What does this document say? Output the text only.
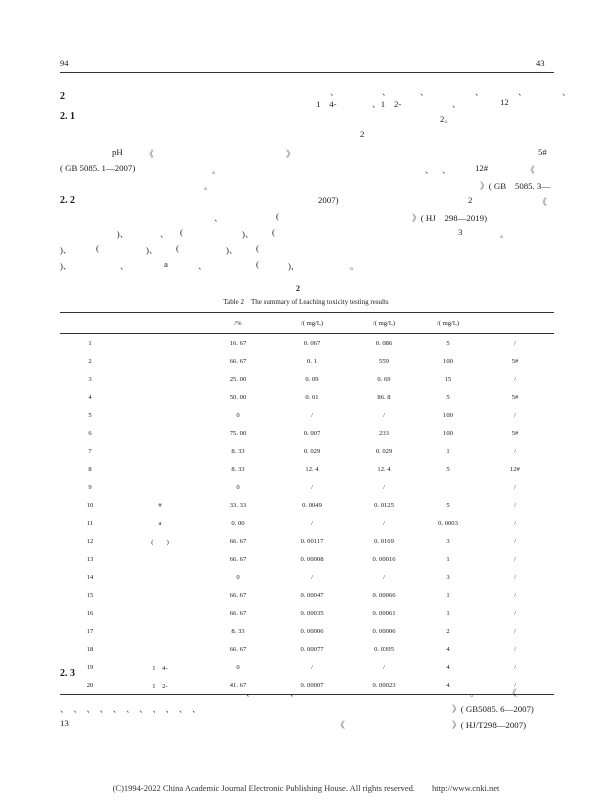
94	43
、	、	、	、	、	、
2
1　4-	、1　2-	、	12
2. 1	2。
2
pH	《	》	5#
( GB 5085. 1—2007)	。	、 、	12#	《
。	》( GB　5085. 3—
2. 2	2007)	2	《
、	(	》( HJ　298—2019)
　)、	、 (	)、 (	3	。
)、	(	)、 (	)、 (
)、	、	a	、	(	)，	。
2
Table 2　The summary of Leaching toxicity testing results
		/%	/( mg/L)	/( mg/L)	/( mg/L)	
1		16. 67	0. 067	0. 086	5	/
2		66. 67	0. 1	559	100	5#
3		25. 00	0. 09	0. 69	15	/
4		50. 00	0. 01	86. 8	5	5#
5		0	/	/	100	/
6		75. 00	0. 007	233	100	5#
7		8. 33	0. 029	0. 029	1	/
8		8. 33	12. 4	12. 4	5	12#
9		0	/	/		/
10	#	33. 33	0. 0049	0. 0125	5	/
11	a	0. 00	/	/	0. 0003	/
12	(　　)	66. 67	0. 00117	0. 0169	3	/
13		66. 67	0. 00008	0. 00016	1	/
14		0	/	/	3	/
15		66. 67	0. 00047	0. 00066	1	/
16		66. 67	0. 00035	0. 00061	1	/
17		8. 33	0. 00006	0. 00006	2	/
18		66. 67	0. 00077	0. 0395	4	/
19	1　4-	0	/	/	4	/
20	1　2-	41. 67	0. 00007	0. 00023	4	/
2. 3
、	、	。	《
、　、　、　、　、　、　、　、　、　、　、	》( GB5085. 6—2007)
13	《	》( HJ/T298—2007)
(C)1994-2022 China Academic Journal Electronic Publishing House. All rights reserved.　　http://www.cnki.net
